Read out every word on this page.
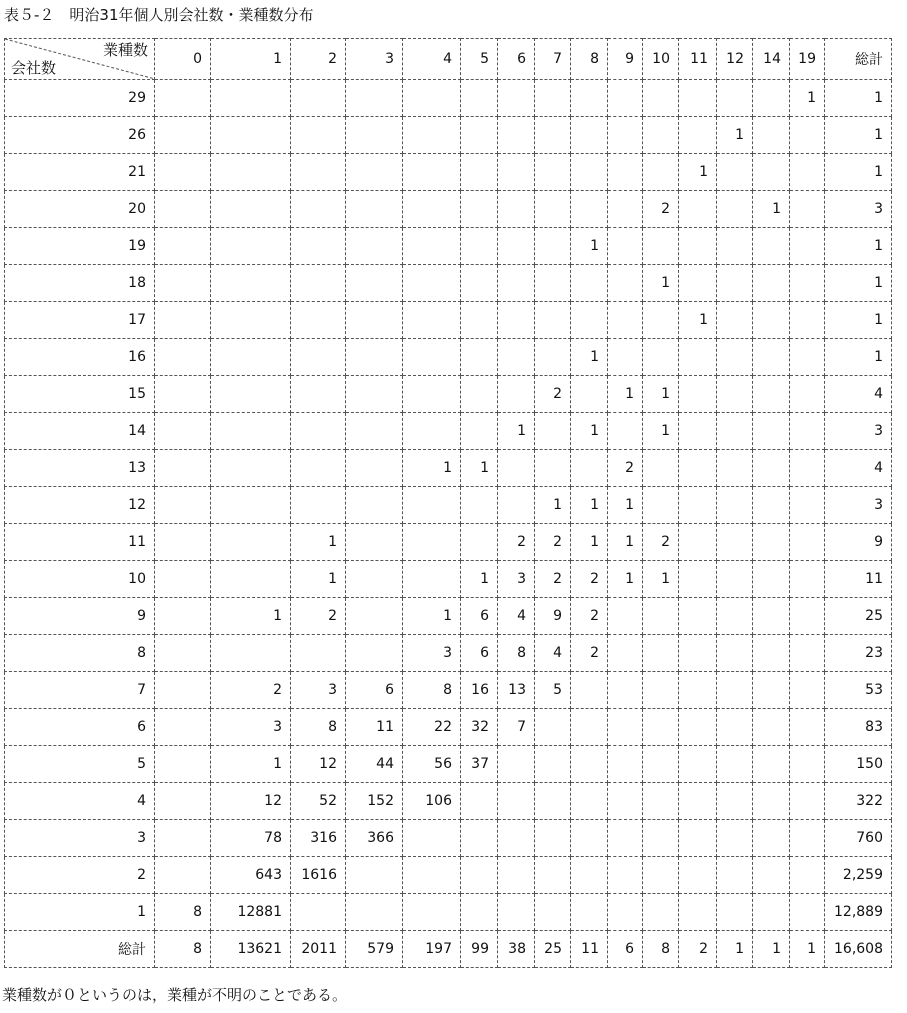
表５-２　明治31年個人別会社数・業種数分布
業種数
会社数	0	1	2	3	4	5	6	7	8	9	10	11	12	14	19	総計
29															1	1
26													1			1
21												1				1
20											2			1		3
19									1							1
18											1					1
17												1				1
16									1							1
15								2		1	1					4
14							1		1		1					3
13					1	1				2						4
12								1	1	1						3
11			1				2	2	1	1	2					9
10			1			1	3	2	2	1	1					11
9		1	2		1	6	4	9	2							25
8					3	6	8	4	2							23
7		2	3	6	8	16	13	5								53
6		3	8	11	22	32	7									83
5		1	12	44	56	37										150
4		12	52	152	106											322
3		78	316	366												760
2		643	1616													2,259
1	8	12881														12,889
総計	8	13621	2011	579	197	99	38	25	11	6	8	2	1	1	1	16,608
業種数が０というのは，業種が不明のことである。
